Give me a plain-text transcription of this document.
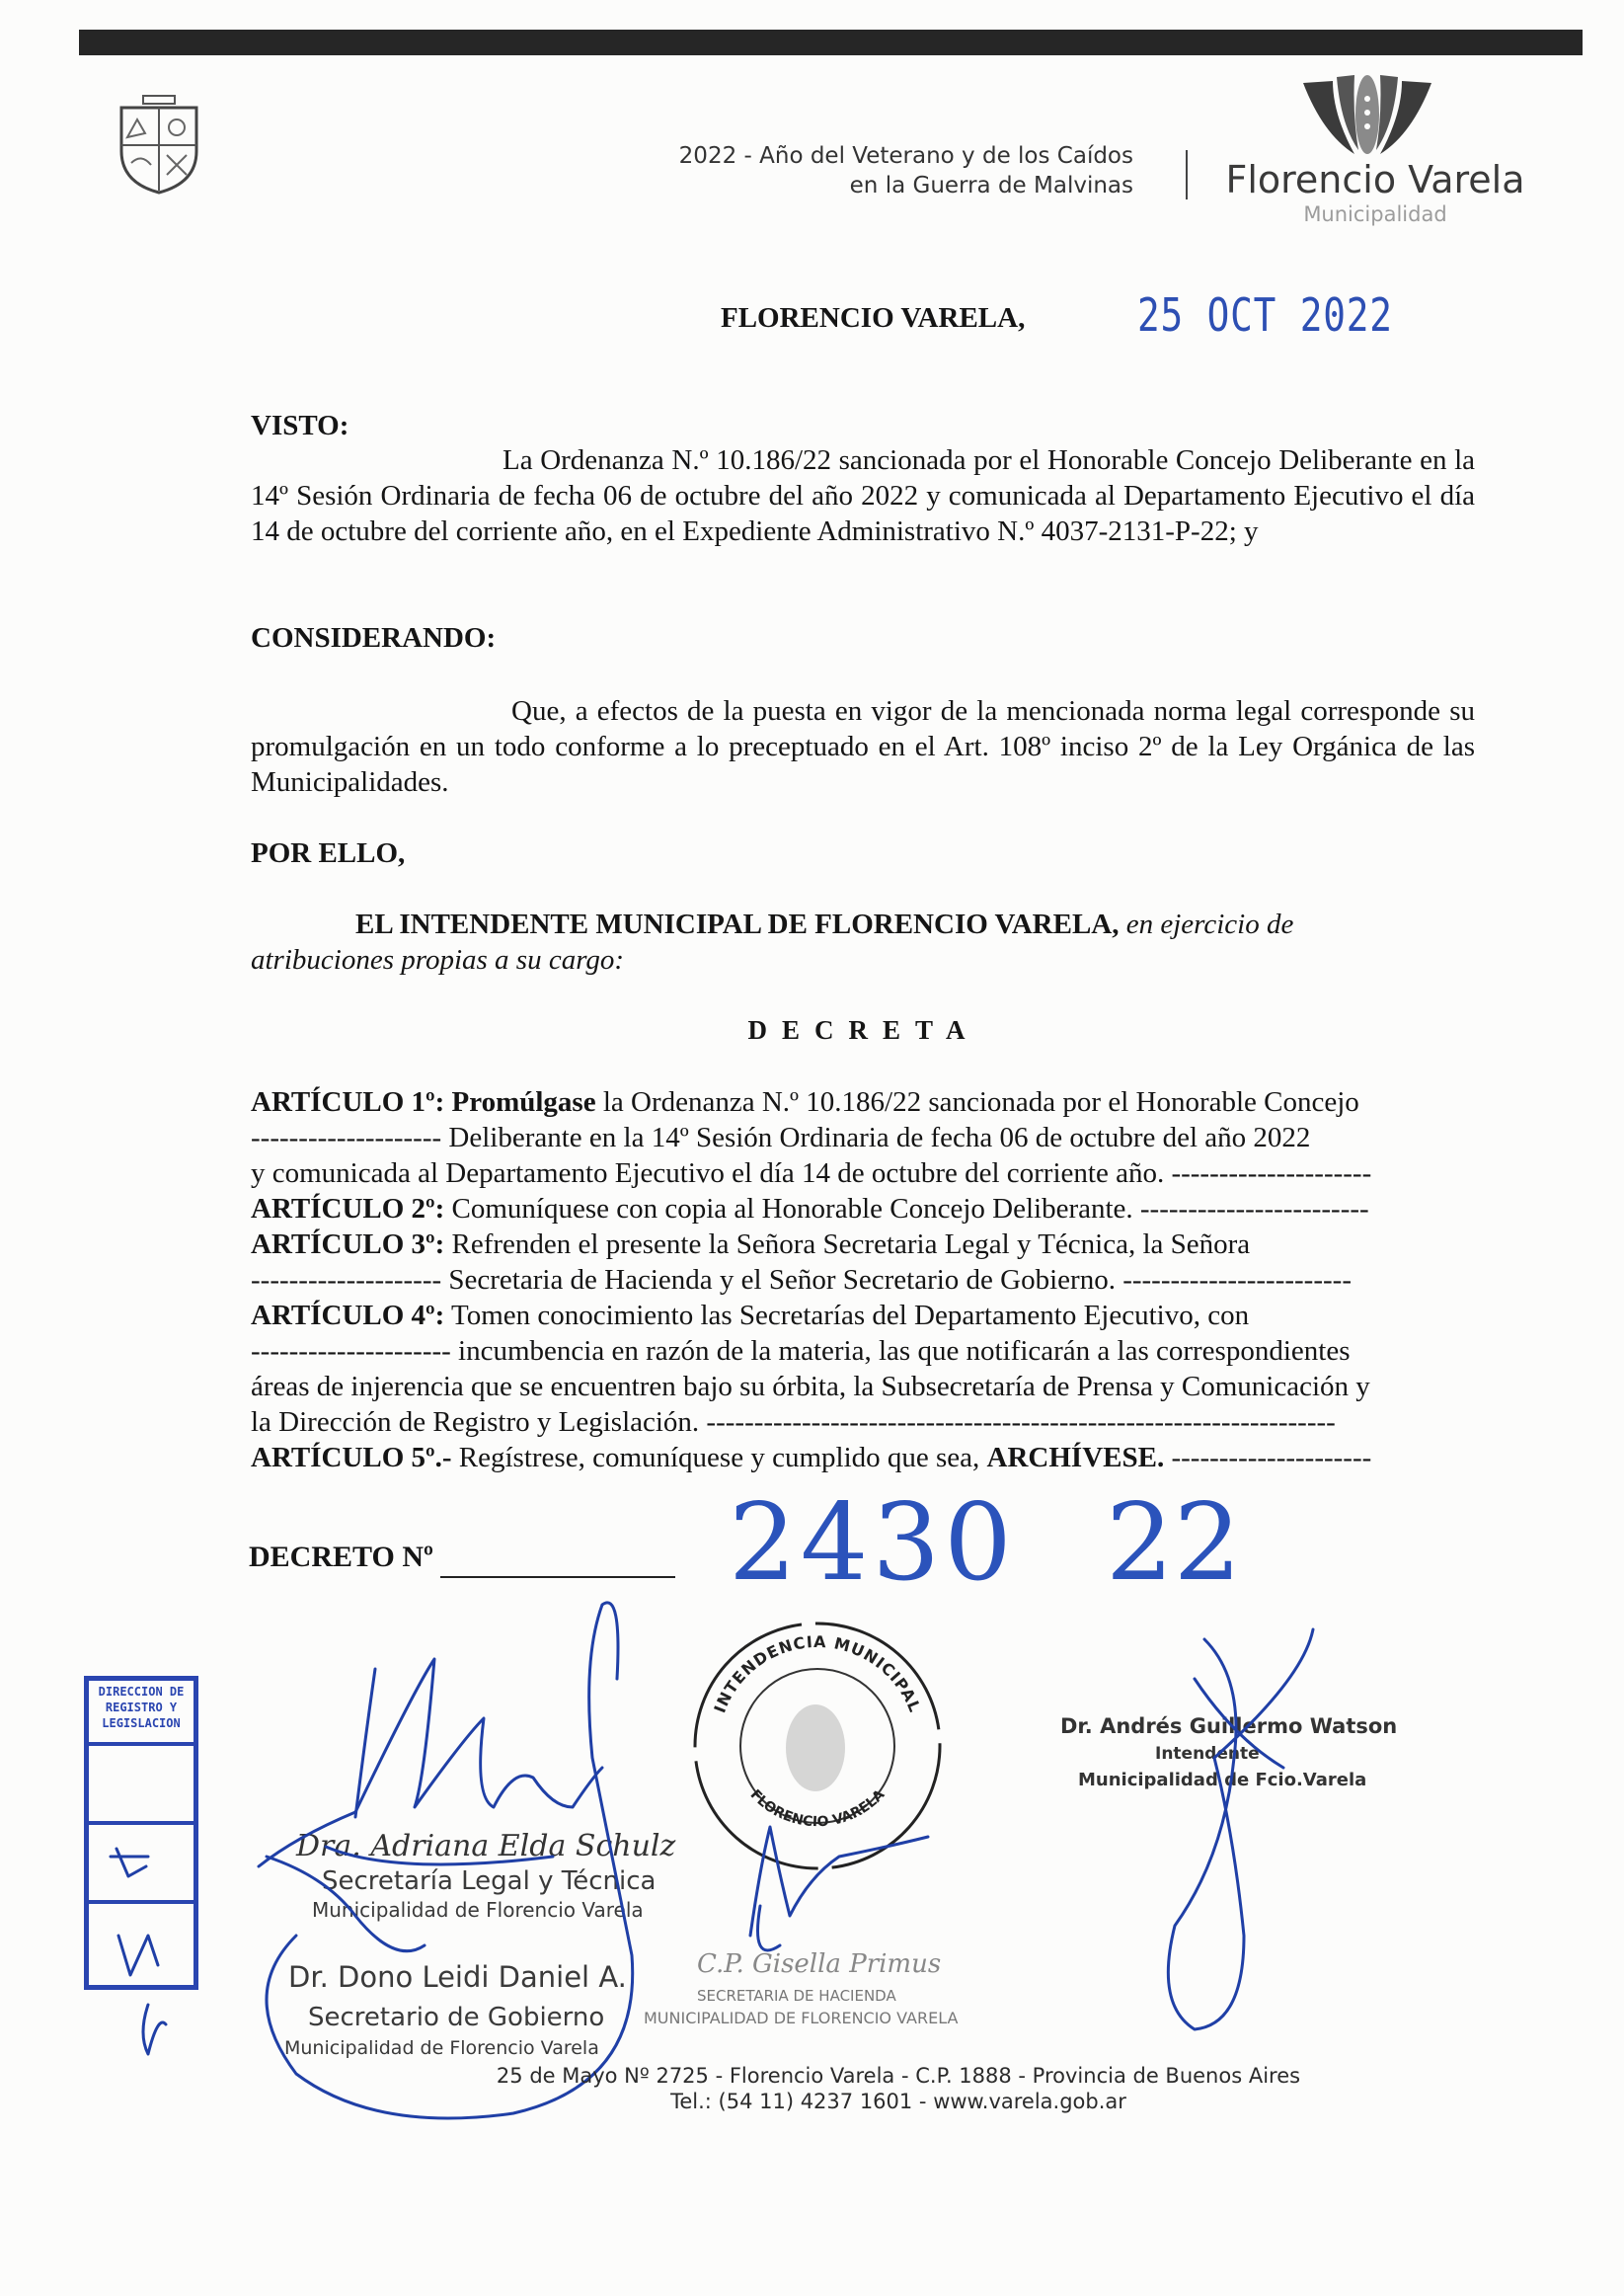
2022 - Año del Veterano y de los Caídos
en la Guerra de Malvinas	Florencio Varela
Municipalidad
FLORENCIO VARELA, 25 OCT 2022
VISTO:
La Ordenanza N.º 10.186/22 sancionada por el Honorable Concejo Deliberante en la 14º Sesión Ordinaria de fecha 06 de octubre del año 2022 y comunicada al Departamento Ejecutivo el día 14 de octubre del corriente año, en el Expediente Administrativo N.º 4037-2131-P-22; y
CONSIDERANDO:
Que, a efectos de la puesta en vigor de la mencionada norma legal corresponde su promulgación en un todo conforme a lo preceptuado en el Art. 108º inciso 2º de la Ley Orgánica de las Municipalidades.
POR ELLO,
EL INTENDENTE MUNICIPAL DE FLORENCIO VARELA, en ejercicio de
atribuciones propias a su cargo:
DECRETA
ARTÍCULO 1º: Promúlgase la Ordenanza N.º 10.186/22 sancionada por el Honorable Concejo
-------------------- Deliberante en la 14º Sesión Ordinaria de fecha 06 de octubre del año 2022
y comunicada al Departamento Ejecutivo el día 14 de octubre del corriente año. ---------------------
ARTÍCULO 2º: Comuníquese con copia al Honorable Concejo Deliberante. ------------------------
ARTÍCULO 3º: Refrenden el presente la Señora Secretaria Legal y Técnica, la Señora
-------------------- Secretaria de Hacienda y el Señor Secretario de Gobierno. ------------------------
ARTÍCULO 4º: Tomen conocimiento las Secretarías del Departamento Ejecutivo, con
--------------------- incumbencia en razón de la materia, las que notificarán a las correspondientes
áreas de injerencia que se encuentren bajo su órbita, la Subsecretaría de Prensa y Comunicación y
la Dirección de Registro y Legislación. ------------------------------------------------------------------
ARTÍCULO 5º.- Regístrese, comuníquese y cumplido que sea, ARCHÍVESE. ---------------------
DECRETO Nº	2430 22
DIRECCION DE
REGISTRO Y
LEGISLACION
Dra. Adriana Elda Schulz
Secretaría Legal y Técnica
Municipalidad de Florencio Varela
Dr. Dono Leidi Daniel A.
Secretario de Gobierno
Municipalidad de Florencio Varela
C.P. Gisella Primus
SECRETARIA DE HACIENDA
MUNICIPALIDAD DE FLORENCIO VARELA
Dr. Andrés Guillermo Watson
Intendente
Municipalidad de Fcio.Varela
INTENDENCIA MUNICIPAL
FLORENCIO VARELA
25 de Mayo Nº 2725 - Florencio Varela - C.P. 1888 - Provincia de Buenos Aires
Tel.: (54 11) 4237 1601 - www.varela.gob.ar
